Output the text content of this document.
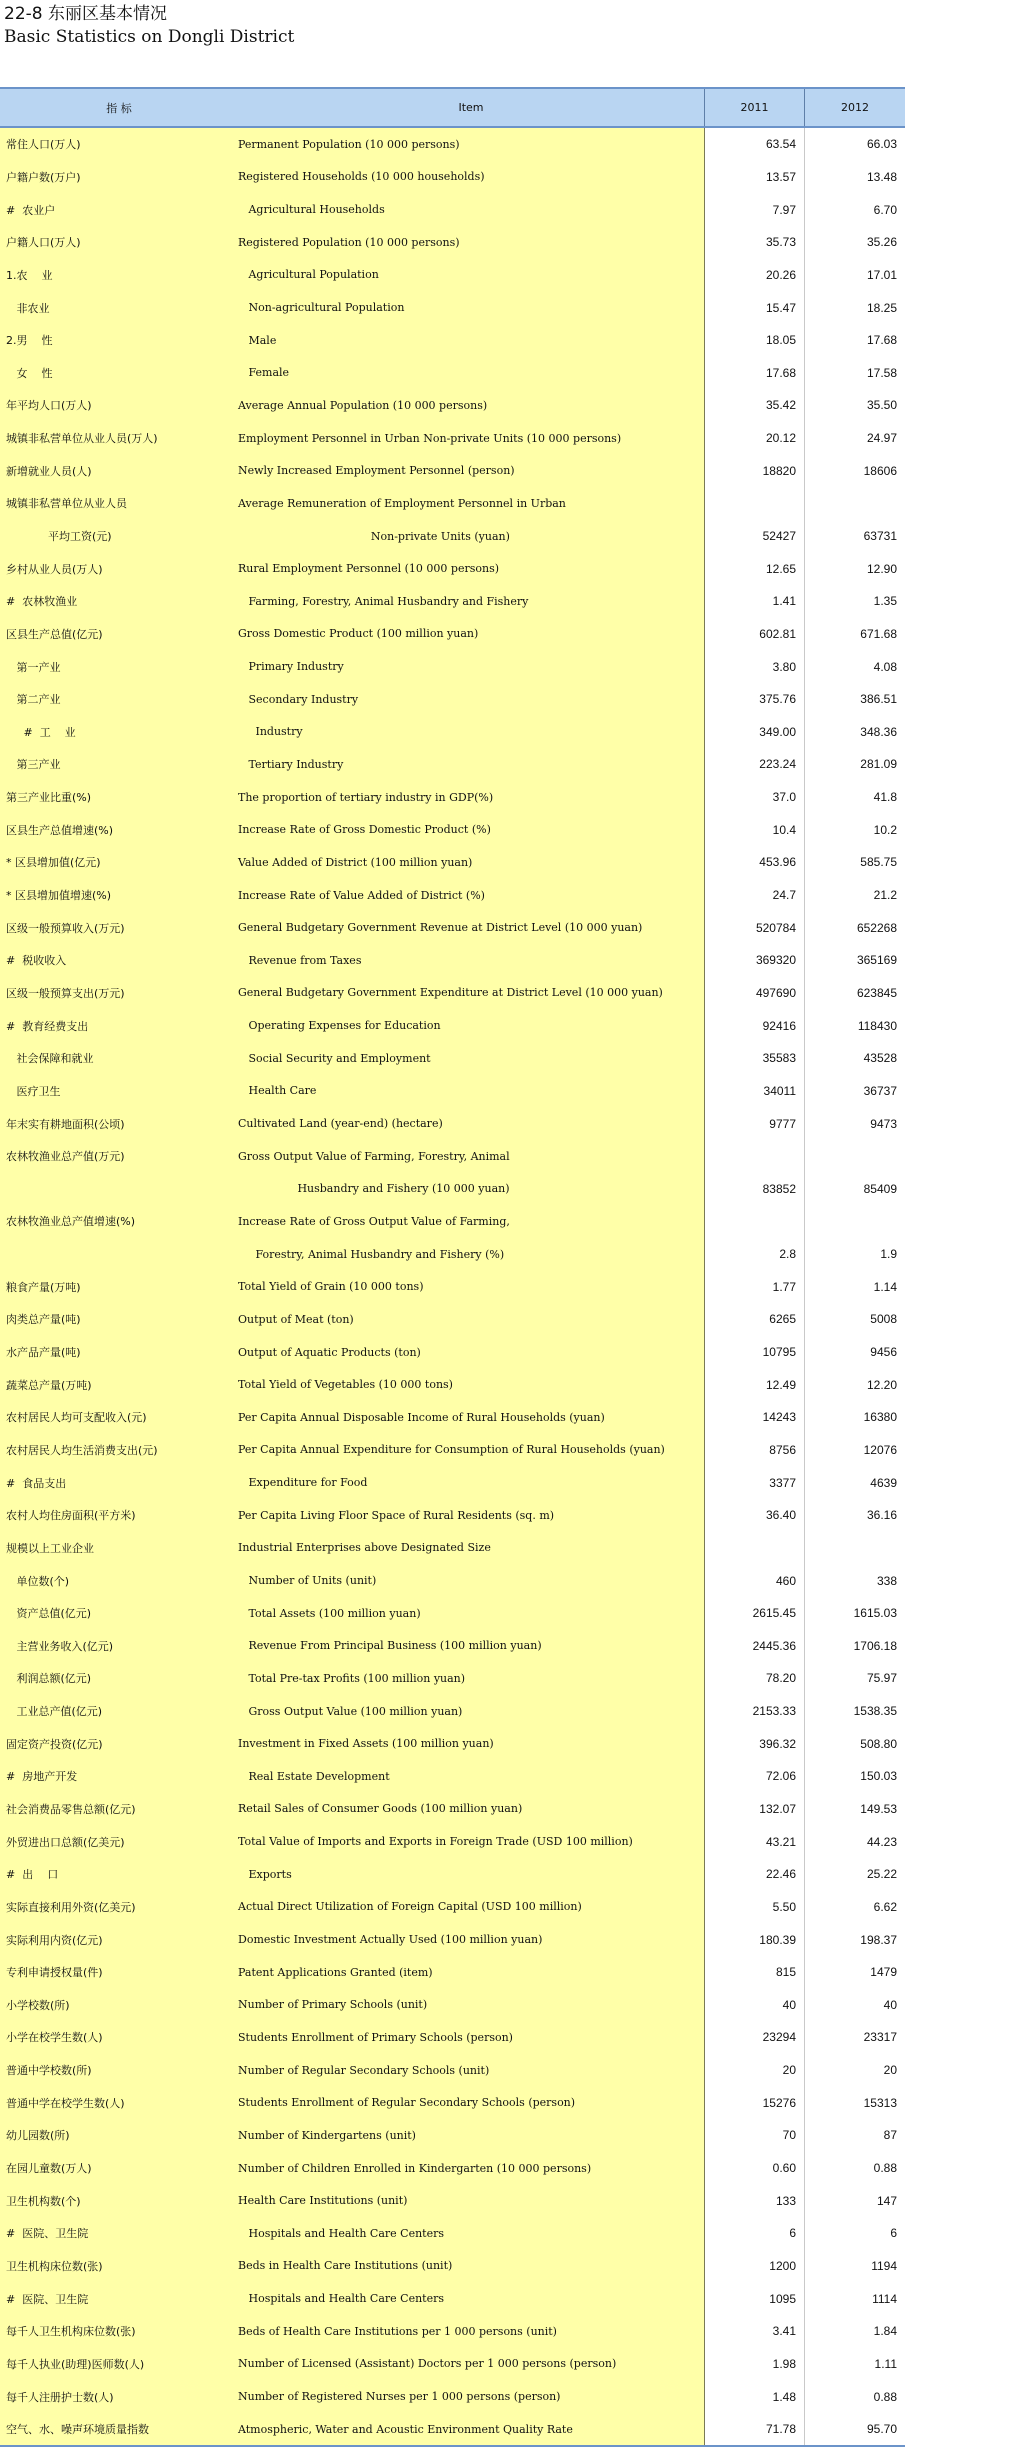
22-8 东丽区基本情况
Basic Statistics on Dongli District
指 标	Item	2011	2012
常住人口(万人)	Permanent Population (10 000 persons)	63.54	66.03
户籍户数(万户)	Registered Households (10 000 households)	13.57	13.48
#  农业户	Agricultural Households	7.97	6.70
户籍人口(万人)	Registered Population (10 000 persons)	35.73	35.26
1.农    业	Agricultural Population	20.26	17.01
非农业	Non-agricultural Population	15.47	18.25
2.男    性	Male	18.05	17.68
女    性	Female	17.68	17.58
年平均人口(万人)	Average Annual Population (10 000 persons)	35.42	35.50
城镇非私营单位从业人员(万人)	Employment Personnel in Urban Non-private Units (10 000 persons)	20.12	24.97
新增就业人员(人)	Newly Increased Employment Personnel (person)	18820	18606
城镇非私营单位从业人员	Average Remuneration of Employment Personnel in Urban
平均工资(元)	Non-private Units (yuan)	52427	63731
乡村从业人员(万人)	Rural Employment Personnel (10 000 persons)	12.65	12.90
#  农林牧渔业	Farming, Forestry, Animal Husbandry and Fishery	1.41	1.35
区县生产总值(亿元)	Gross Domestic Product (100 million yuan)	602.81	671.68
第一产业	Primary Industry	3.80	4.08
第二产业	Secondary Industry	375.76	386.51
#  工    业	Industry	349.00	348.36
第三产业	Tertiary Industry	223.24	281.09
第三产业比重(%)	The proportion of tertiary industry in GDP(%)	37.0	41.8
区县生产总值增速(%)	Increase Rate of Gross Domestic Product (%)	10.4	10.2
* 区县增加值(亿元)	Value Added of District (100 million yuan)	453.96	585.75
* 区县增加值增速(%)	Increase Rate of Value Added of District (%)	24.7	21.2
区级一般预算收入(万元)	General Budgetary Government Revenue at District Level (10 000 yuan)	520784	652268
#  税收收入	Revenue from Taxes	369320	365169
区级一般预算支出(万元)	General Budgetary Government Expenditure at District Level (10 000 yuan)	497690	623845
#  教育经费支出	Operating Expenses for Education	92416	118430
社会保障和就业	Social Security and Employment	35583	43528
医疗卫生	Health Care	34011	36737
年末实有耕地面积(公顷)	Cultivated Land (year-end) (hectare)	9777	9473
农林牧渔业总产值(万元)	Gross Output Value of Farming, Forestry, Animal
Husbandry and Fishery (10 000 yuan)	83852	85409
农林牧渔业总产值增速(%)	Increase Rate of Gross Output Value of Farming,
Forestry, Animal Husbandry and Fishery (%)	2.8	1.9
粮食产量(万吨)	Total Yield of Grain (10 000 tons)	1.77	1.14
肉类总产量(吨)	Output of Meat (ton)	6265	5008
水产品产量(吨)	Output of Aquatic Products (ton)	10795	9456
蔬菜总产量(万吨)	Total Yield of Vegetables (10 000 tons)	12.49	12.20
农村居民人均可支配收入(元)	Per Capita Annual Disposable Income of Rural Households (yuan)	14243	16380
农村居民人均生活消费支出(元)	Per Capita Annual Expenditure for Consumption of Rural Households (yuan)	8756	12076
#  食品支出	Expenditure for Food	3377	4639
农村人均住房面积(平方米)	Per Capita Living Floor Space of Rural Residents (sq. m)	36.40	36.16
规模以上工业企业	Industrial Enterprises above Designated Size
单位数(个)	Number of Units (unit)	460	338
资产总值(亿元)	Total Assets (100 million yuan)	2615.45	1615.03
主营业务收入(亿元)	Revenue From Principal Business (100 million yuan)	2445.36	1706.18
利润总额(亿元)	Total Pre-tax Profits (100 million yuan)	78.20	75.97
工业总产值(亿元)	Gross Output Value (100 million yuan)	2153.33	1538.35
固定资产投资(亿元)	Investment in Fixed Assets (100 million yuan)	396.32	508.80
#  房地产开发	Real Estate Development	72.06	150.03
社会消费品零售总额(亿元)	Retail Sales of Consumer Goods (100 million yuan)	132.07	149.53
外贸进出口总额(亿美元)	Total Value of Imports and Exports in Foreign Trade (USD 100 million)	43.21	44.23
#  出    口	Exports	22.46	25.22
实际直接利用外资(亿美元)	Actual Direct Utilization of Foreign Capital (USD 100 million)	5.50	6.62
实际利用内资(亿元)	Domestic Investment Actually Used (100 million yuan)	180.39	198.37
专利申请授权量(件)	Patent Applications Granted (item)	815	1479
小学校数(所)	Number of Primary Schools (unit)	40	40
小学在校学生数(人)	Students Enrollment of Primary Schools (person)	23294	23317
普通中学校数(所)	Number of Regular Secondary Schools (unit)	20	20
普通中学在校学生数(人)	Students Enrollment of Regular Secondary Schools (person)	15276	15313
幼儿园数(所)	Number of Kindergartens (unit)	70	87
在园儿童数(万人)	Number of Children Enrolled in Kindergarten (10 000 persons)	0.60	0.88
卫生机构数(个)	Health Care Institutions (unit)	133	147
#  医院、卫生院	Hospitals and Health Care Centers	6	6
卫生机构床位数(张)	Beds in Health Care Institutions (unit)	1200	1194
#  医院、卫生院	Hospitals and Health Care Centers	1095	1114
每千人卫生机构床位数(张)	Beds of Health Care Institutions per 1 000 persons (unit)	3.41	1.84
每千人执业(助理)医师数(人)	Number of Licensed (Assistant) Doctors per 1 000 persons (person)	1.98	1.11
每千人注册护士数(人)	Number of Registered Nurses per 1 000 persons (person)	1.48	0.88
空气、水、噪声环境质量指数	Atmospheric, Water and Acoustic Environment Quality Rate	71.78	95.70
